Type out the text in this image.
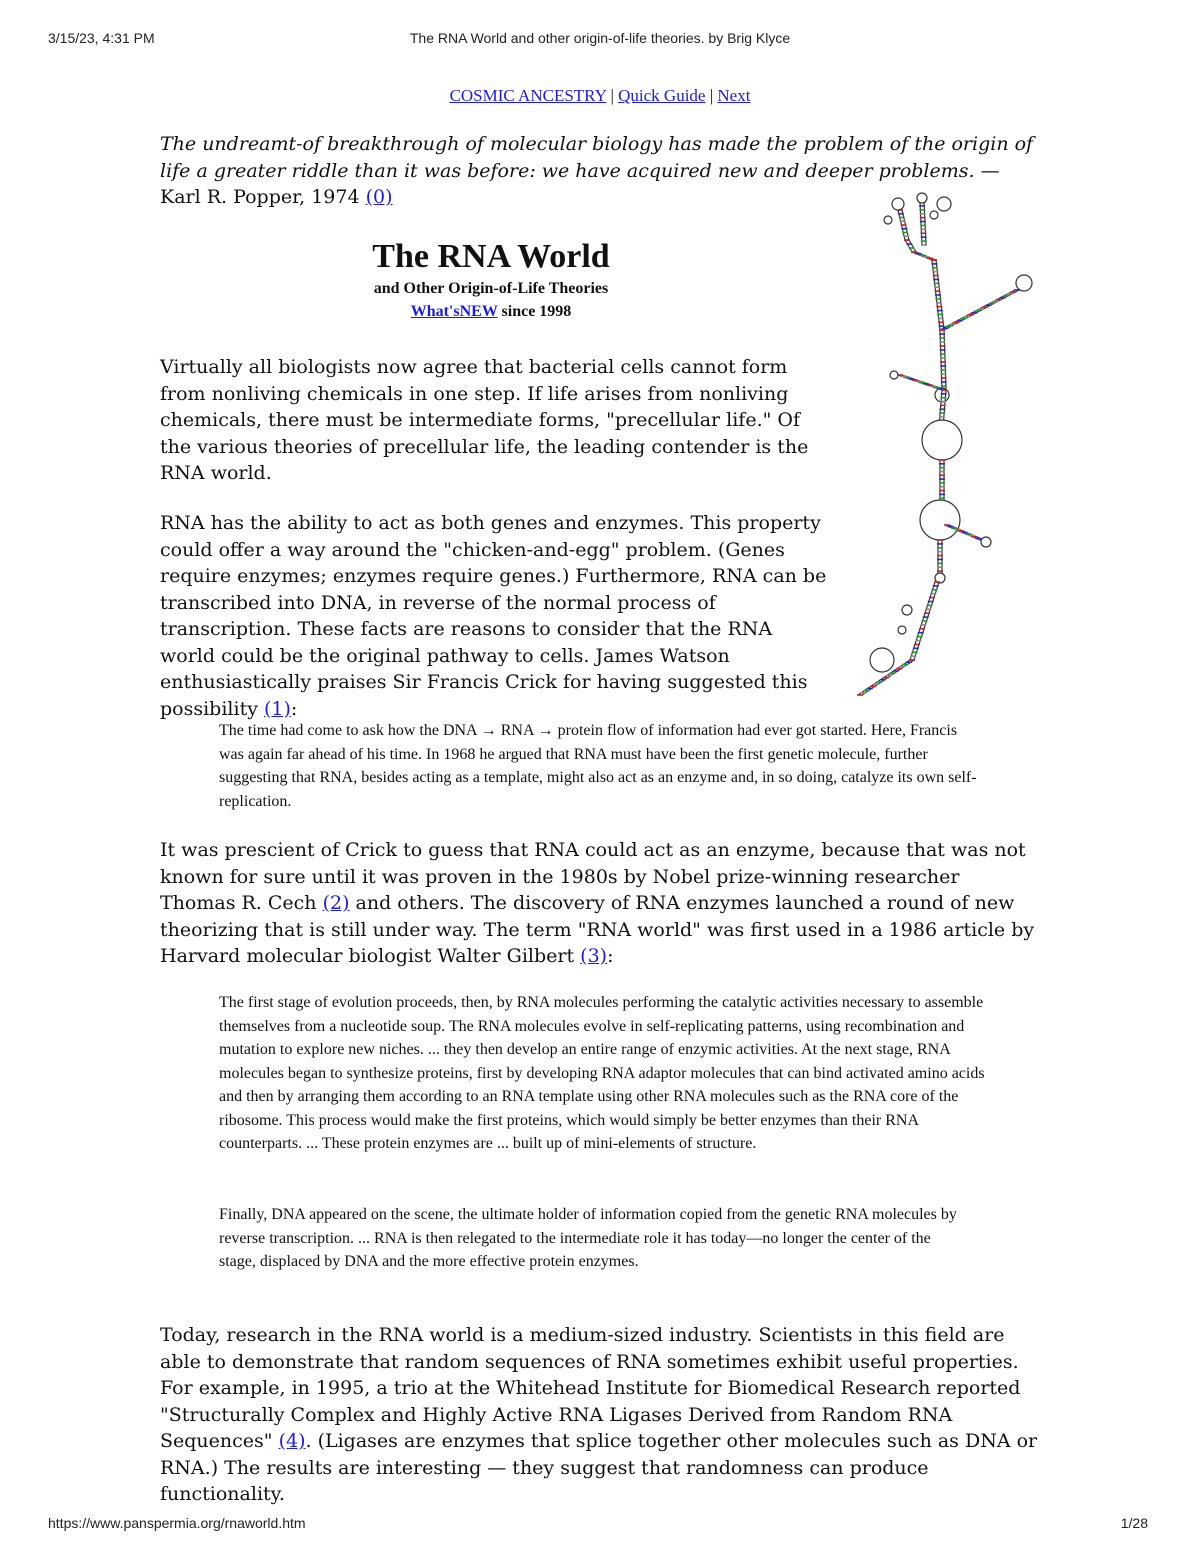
3/15/23, 4:31 PM	The RNA World and other origin-of-life theories. by Brig Klyce
COSMIC ANCESTRY | Quick Guide | Next
The undreamt-of breakthrough of molecular biology has made the problem of the origin of life a greater riddle than it was before: we have acquired new and deeper problems. — Karl R. Popper, 1974 (0)
The RNA World
and Other Origin-of-Life Theories
What'sNEW since 1998
Virtually all biologists now agree that bacterial cells cannot form from nonliving chemicals in one step. If life arises from nonliving chemicals, there must be intermediate forms, "precellular life." Of the various theories of precellular life, the leading contender is the RNA world.
RNA has the ability to act as both genes and enzymes. This property could offer a way around the "chicken-and-egg" problem. (Genes require enzymes; enzymes require genes.) Furthermore, RNA can be transcribed into DNA, in reverse of the normal process of transcription. These facts are reasons to consider that the RNA world could be the original pathway to cells. James Watson enthusiastically praises Sir Francis Crick for having suggested this possibility (1):
The time had come to ask how the DNA → RNA → protein flow of information had ever got started. Here, Francis was again far ahead of his time. In 1968 he argued that RNA must have been the first genetic molecule, further suggesting that RNA, besides acting as a template, might also act as an enzyme and, in so doing, catalyze its own self-replication.
It was prescient of Crick to guess that RNA could act as an enzyme, because that was not known for sure until it was proven in the 1980s by Nobel prize-winning researcher Thomas R. Cech (2) and others. The discovery of RNA enzymes launched a round of new theorizing that is still under way. The term "RNA world" was first used in a 1986 article by Harvard molecular biologist Walter Gilbert (3):
The first stage of evolution proceeds, then, by RNA molecules performing the catalytic activities necessary to assemble themselves from a nucleotide soup. The RNA molecules evolve in self-replicating patterns, using recombination and mutation to explore new niches. ... they then develop an entire range of enzymic activities. At the next stage, RNA molecules began to synthesize proteins, first by developing RNA adaptor molecules that can bind activated amino acids and then by arranging them according to an RNA template using other RNA molecules such as the RNA core of the ribosome. This process would make the first proteins, which would simply be better enzymes than their RNA counterparts. ... These protein enzymes are ... built up of mini-elements of structure.
Finally, DNA appeared on the scene, the ultimate holder of information copied from the genetic RNA molecules by reverse transcription. ... RNA is then relegated to the intermediate role it has today—no longer the center of the stage, displaced by DNA and the more effective protein enzymes.
Today, research in the RNA world is a medium-sized industry. Scientists in this field are able to demonstrate that random sequences of RNA sometimes exhibit useful properties. For example, in 1995, a trio at the Whitehead Institute for Biomedical Research reported "Structurally Complex and Highly Active RNA Ligases Derived from Random RNA Sequences" (4). (Ligases are enzymes that splice together other molecules such as DNA or RNA.) The results are interesting — they suggest that randomness can produce functionality.
https://www.panspermia.org/rnaworld.htm	1/28
